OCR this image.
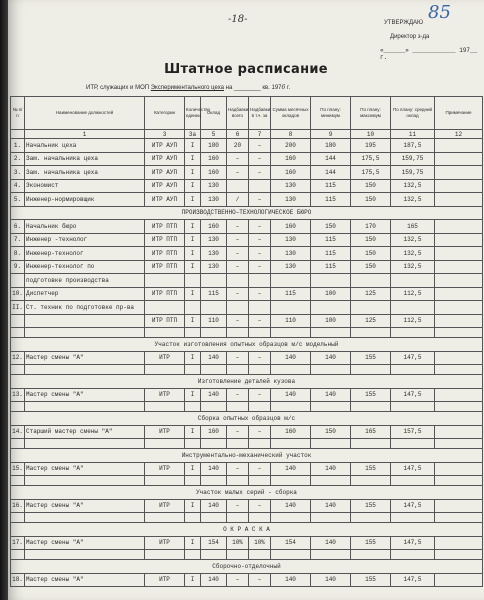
-18-	85
УТВЕРЖДАЮ
Директор з-да
«______» ____________ 197__ г.
Штатное расписание
ИТР, служащих и МОП Экспериментального цеха на ________ кв. 1976 г.
№ п/п	Наименование должностей	Категории	Количество единиц	Оклад	Надбавки: всего	Надбавки: в т.ч. за	Сумма месячных окладов	По плану: минимум	По плану: максимум	По плану: средний оклад	Примечание
	1	3	3а	5	6	7	8	9	10	11	12
1.	Начальник цеха	ИТР АУП	I	180	20	–	200	180	195	187,5	
2.	Зам. начальника цеха	ИТР АУП	I	160	–	–	160	144	175,5	159,75	
3.	Зам. начальника цеха	ИТР АУП	I	160	–	–	160	144	175,5	159,75	
4.	Экономист	ИТР АУП	I	130			130	115	150	132,5	
5.	Инженер-нормировщик	ИТР АУП	I	130	/	–	130	115	150	132,5	
ПРОИЗВОДСТВЕННО–ТЕХНОЛОГИЧЕСКОЕ БЮРО											
6.	Начальник бюро	ИТР ПТП	I	160	–	–	160	150	170	165	
7.	Инженер -технолог	ИТР ПТП	I	130	–	–	130	115	150	132,5	
8.	Инженер-технолог	ИТР ПТП	I	130	–	–	130	115	150	132,5	
9.	Инженер-технолог по	ИТР ПТП	I	130	–	–	130	115	150	132,5	
	подготовке производства										
10.	Диспетчер	ИТР ПТП	I	115	–	–	115	100	125	112,5	
II.	Ст. техник по подготовке пр-ва										
		ИТР ПТП	I	110	–	–	110	100	125	112,5	

Участок изготовления опытных образцов м/с модельный											
12.	Мастер смены "А"	ИТР	I	140	–	–	140	140	155	147,5	

Изготовление деталей кузова											
13.	Мастер смены "А"	ИТР	I	140	–	–	140	140	155	147,5	

Сборка опытных образцов м/с											
14.	Старший мастер смены "А"	ИТР	I	160	–	–	160	150	165	157,5	

Инструментально-механический участок											
15.	Мастер смены "А"	ИТР	I	140	–	–	140	140	155	147,5	

Участок малых серий - сборка											
16.	Мастер смены "А"	ИТР	I	140	–	–	140	140	155	147,5	

О К Р А С К А											
17.	Мастер смены "А"	ИТР	I	154	10%	10%	154	140	155	147,5	

Сборочно-отделочный											
18.	Мастер смены "А"	ИТР	I	140	–	–	140	140	155	147,5	
